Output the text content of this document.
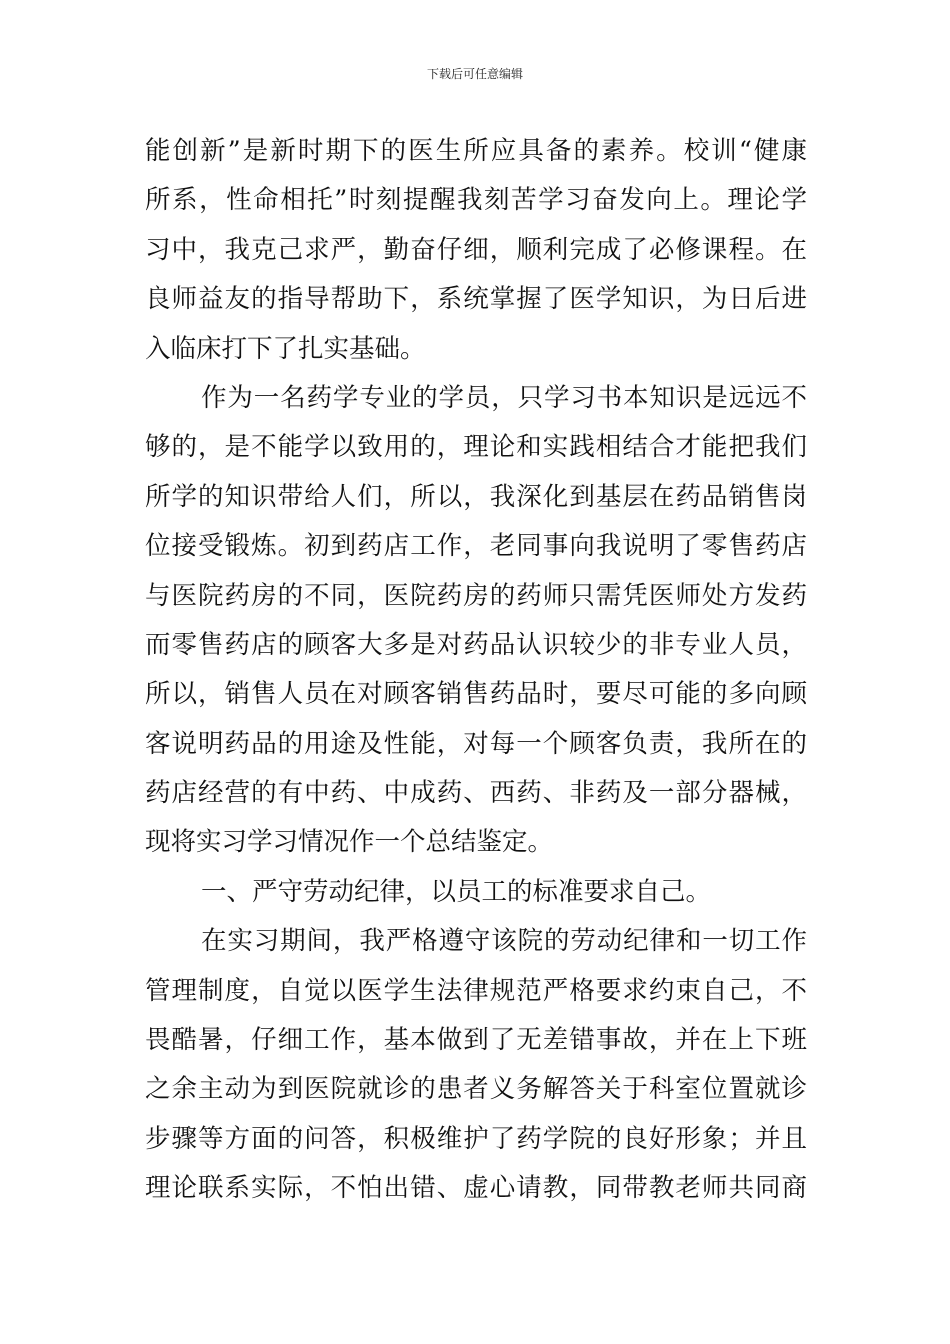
下载后可任意编辑
能创新”是新时期下的医生所应具备的素养。校训“健康
所系，性命相托”时刻提醒我刻苦学习奋发向上。理论学
习中，我克己求严，勤奋仔细，顺利完成了必修课程。在
良师益友的指导帮助下，系统掌握了医学知识，为日后进
入临床打下了扎实基础。
作为一名药学专业的学员，只学习书本知识是远远不
够的，是不能学以致用的，理论和实践相结合才能把我们
所学的知识带给人们，所以，我深化到基层在药品销售岗
位接受锻炼。初到药店工作，老同事向我说明了零售药店
与医院药房的不同，医院药房的药师只需凭医师处方发药
而零售药店的顾客大多是对药品认识较少的非专业人员，
所以，销售人员在对顾客销售药品时，要尽可能的多向顾
客说明药品的用途及性能，对每一个顾客负责，我所在的
药店经营的有中药、中成药、西药、非药及一部分器械，
现将实习学习情况作一个总结鉴定。
一、严守劳动纪律，以员工的标准要求自己。
在实习期间，我严格遵守该院的劳动纪律和一切工作
管理制度，自觉以医学生法律规范严格要求约束自己，不
畏酷暑，仔细工作，基本做到了无差错事故，并在上下班
之余主动为到医院就诊的患者义务解答关于科室位置就诊
步骤等方面的问答，积极维护了药学院的良好形象；并且
理论联系实际，不怕出错、虚心请教，同带教老师共同商
